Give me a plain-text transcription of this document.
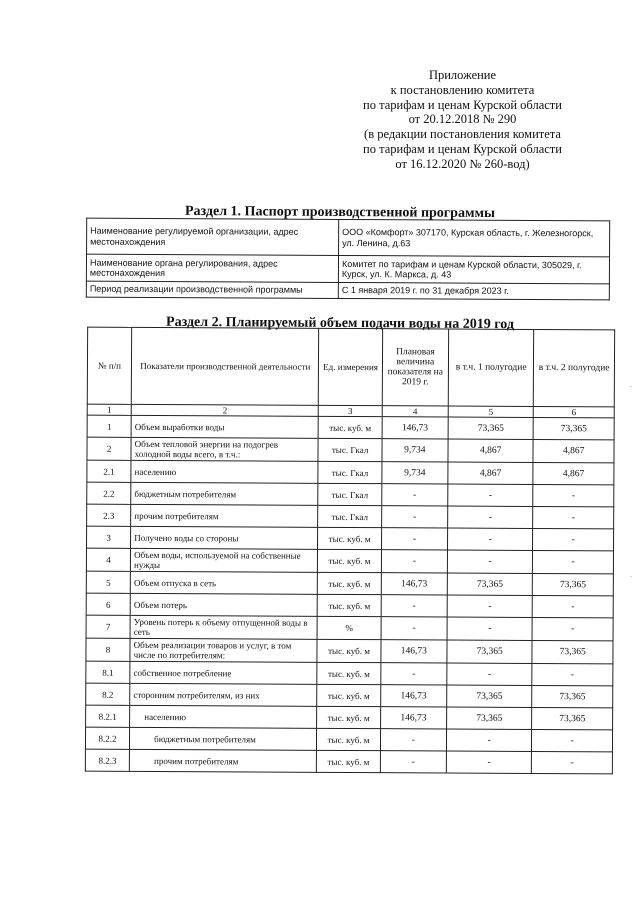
Приложение
к постановлению комитета
по тарифам и ценам Курской области
от 20.12.2018 № 290
(в редакции постановления комитета
по тарифам и ценам Курской области
от 16.12.2020 № 260-вод)
Раздел 1. Паспорт производственной программы
Наименование регулируемой организации, адрес местонахождения	ООО «Комфорт» 307170, Курская область, г. Железногорск, ул. Ленина, д.63
Наименование органа регулирования, адрес местонахождения	Комитет по тарифам и ценам Курской области, 305029, г. Курск, ул. К. Маркса, д. 43
Период реализации производственной программы	С 1 января 2019 г. по 31 декабря 2023 г.
Раздел 2. Планируемый объем подачи воды на 2019 год
№ п/п	Показатели производственной деятельности	Ед. измерения	Плановая величина показателя на 2019 г.	в т.ч. 1 полугодие	в т.ч. 2 полугодие
1	2	3	4	5	6
1	Объем выработки воды	тыс. куб. м	146,73	73,365	73,365
2	Объем тепловой энергии на подогрев холодной воды всего, в т.ч.:	тыс. Гкал	9,734	4,867	4,867
2.1	населению	тыс. Гкал	9,734	4,867	4,867
2.2	бюджетным потребителям	тыс. Гкал	-	-	-
2.3	прочим потребителям	тыс. Гкал	-	-	-
3	Получено воды со стороны	тыс. куб. м	-	-	-
4	Объем воды, используемой на собственные нужды	тыс. куб. м	-	-	-
5	Объем отпуска в сеть	тыс. куб. м	146,73	73,365	73,365
6	Объем потерь	тыс. куб. м	-	-	-
7	Уровень потерь к объему отпущенной воды в сеть	%	-	-	-
8	Объем реализации товаров и услуг, в том числе по потребителям:	тыс. куб. м	146,73	73,365	73,365
8.1	собственное потребление	тыс. куб. м	-	-	-
8.2	сторонним потребителям, из них	тыс. куб. м	146,73	73,365	73,365
8.2.1	населению	тыс. куб. м	146,73	73,365	73,365
8.2.2	бюджетным потребителям	тыс. куб. м	-	-	-
8.2.3	прочим потребителям	тыс. куб. м	-	-	-
.
.
